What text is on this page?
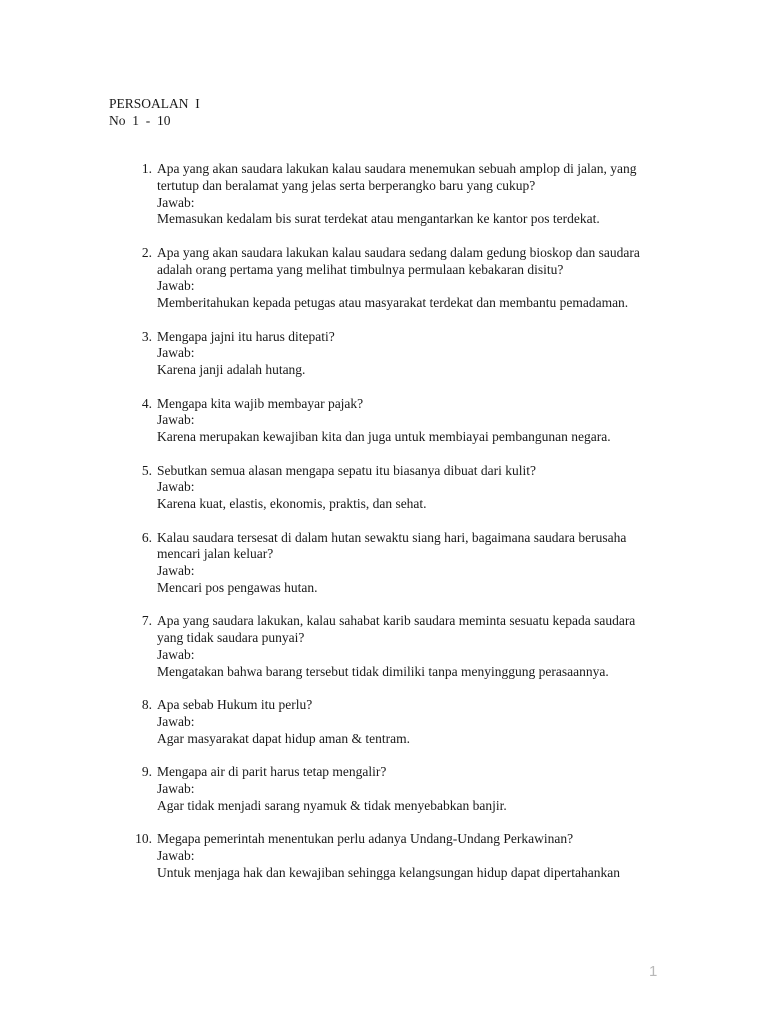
PERSOALAN  I
No  1  -  10
1. Apa yang akan saudara lakukan kalau saudara menemukan sebuah amplop di jalan, yang tertutup dan beralamat yang jelas serta berperangko baru yang cukup?
Jawab:
Memasukan kedalam bis surat terdekat atau mengantarkan ke kantor pos terdekat.
2. Apa yang akan saudara lakukan kalau saudara sedang dalam gedung bioskop dan saudara adalah orang pertama yang melihat timbulnya permulaan kebakaran disitu?
Jawab:
Memberitahukan kepada petugas atau masyarakat terdekat dan membantu pemadaman.
3. Mengapa jajni itu harus ditepati?
Jawab:
Karena janji adalah hutang.
4. Mengapa kita wajib membayar pajak?
Jawab:
Karena merupakan kewajiban kita dan juga untuk membiayai pembangunan negara.
5. Sebutkan semua alasan mengapa sepatu itu biasanya dibuat dari kulit?
Jawab:
Karena kuat, elastis, ekonomis, praktis, dan sehat.
6. Kalau saudara tersesat di dalam hutan sewaktu siang hari, bagaimana saudara berusaha mencari jalan keluar?
Jawab:
Mencari pos pengawas hutan.
7. Apa yang saudara lakukan, kalau sahabat karib saudara meminta sesuatu kepada saudara yang tidak saudara punyai?
Jawab:
Mengatakan bahwa barang tersebut tidak dimiliki tanpa menyinggung perasaannya.
8. Apa sebab Hukum itu perlu?
Jawab:
Agar masyarakat dapat hidup aman & tentram.
9. Mengapa air di parit harus tetap mengalir?
Jawab:
Agar tidak menjadi sarang nyamuk & tidak menyebabkan banjir.
10. Megapa pemerintah menentukan perlu adanya Undang-Undang Perkawinan?
Jawab:
Untuk menjaga hak dan kewajiban sehingga kelangsungan hidup dapat dipertahankan
1
